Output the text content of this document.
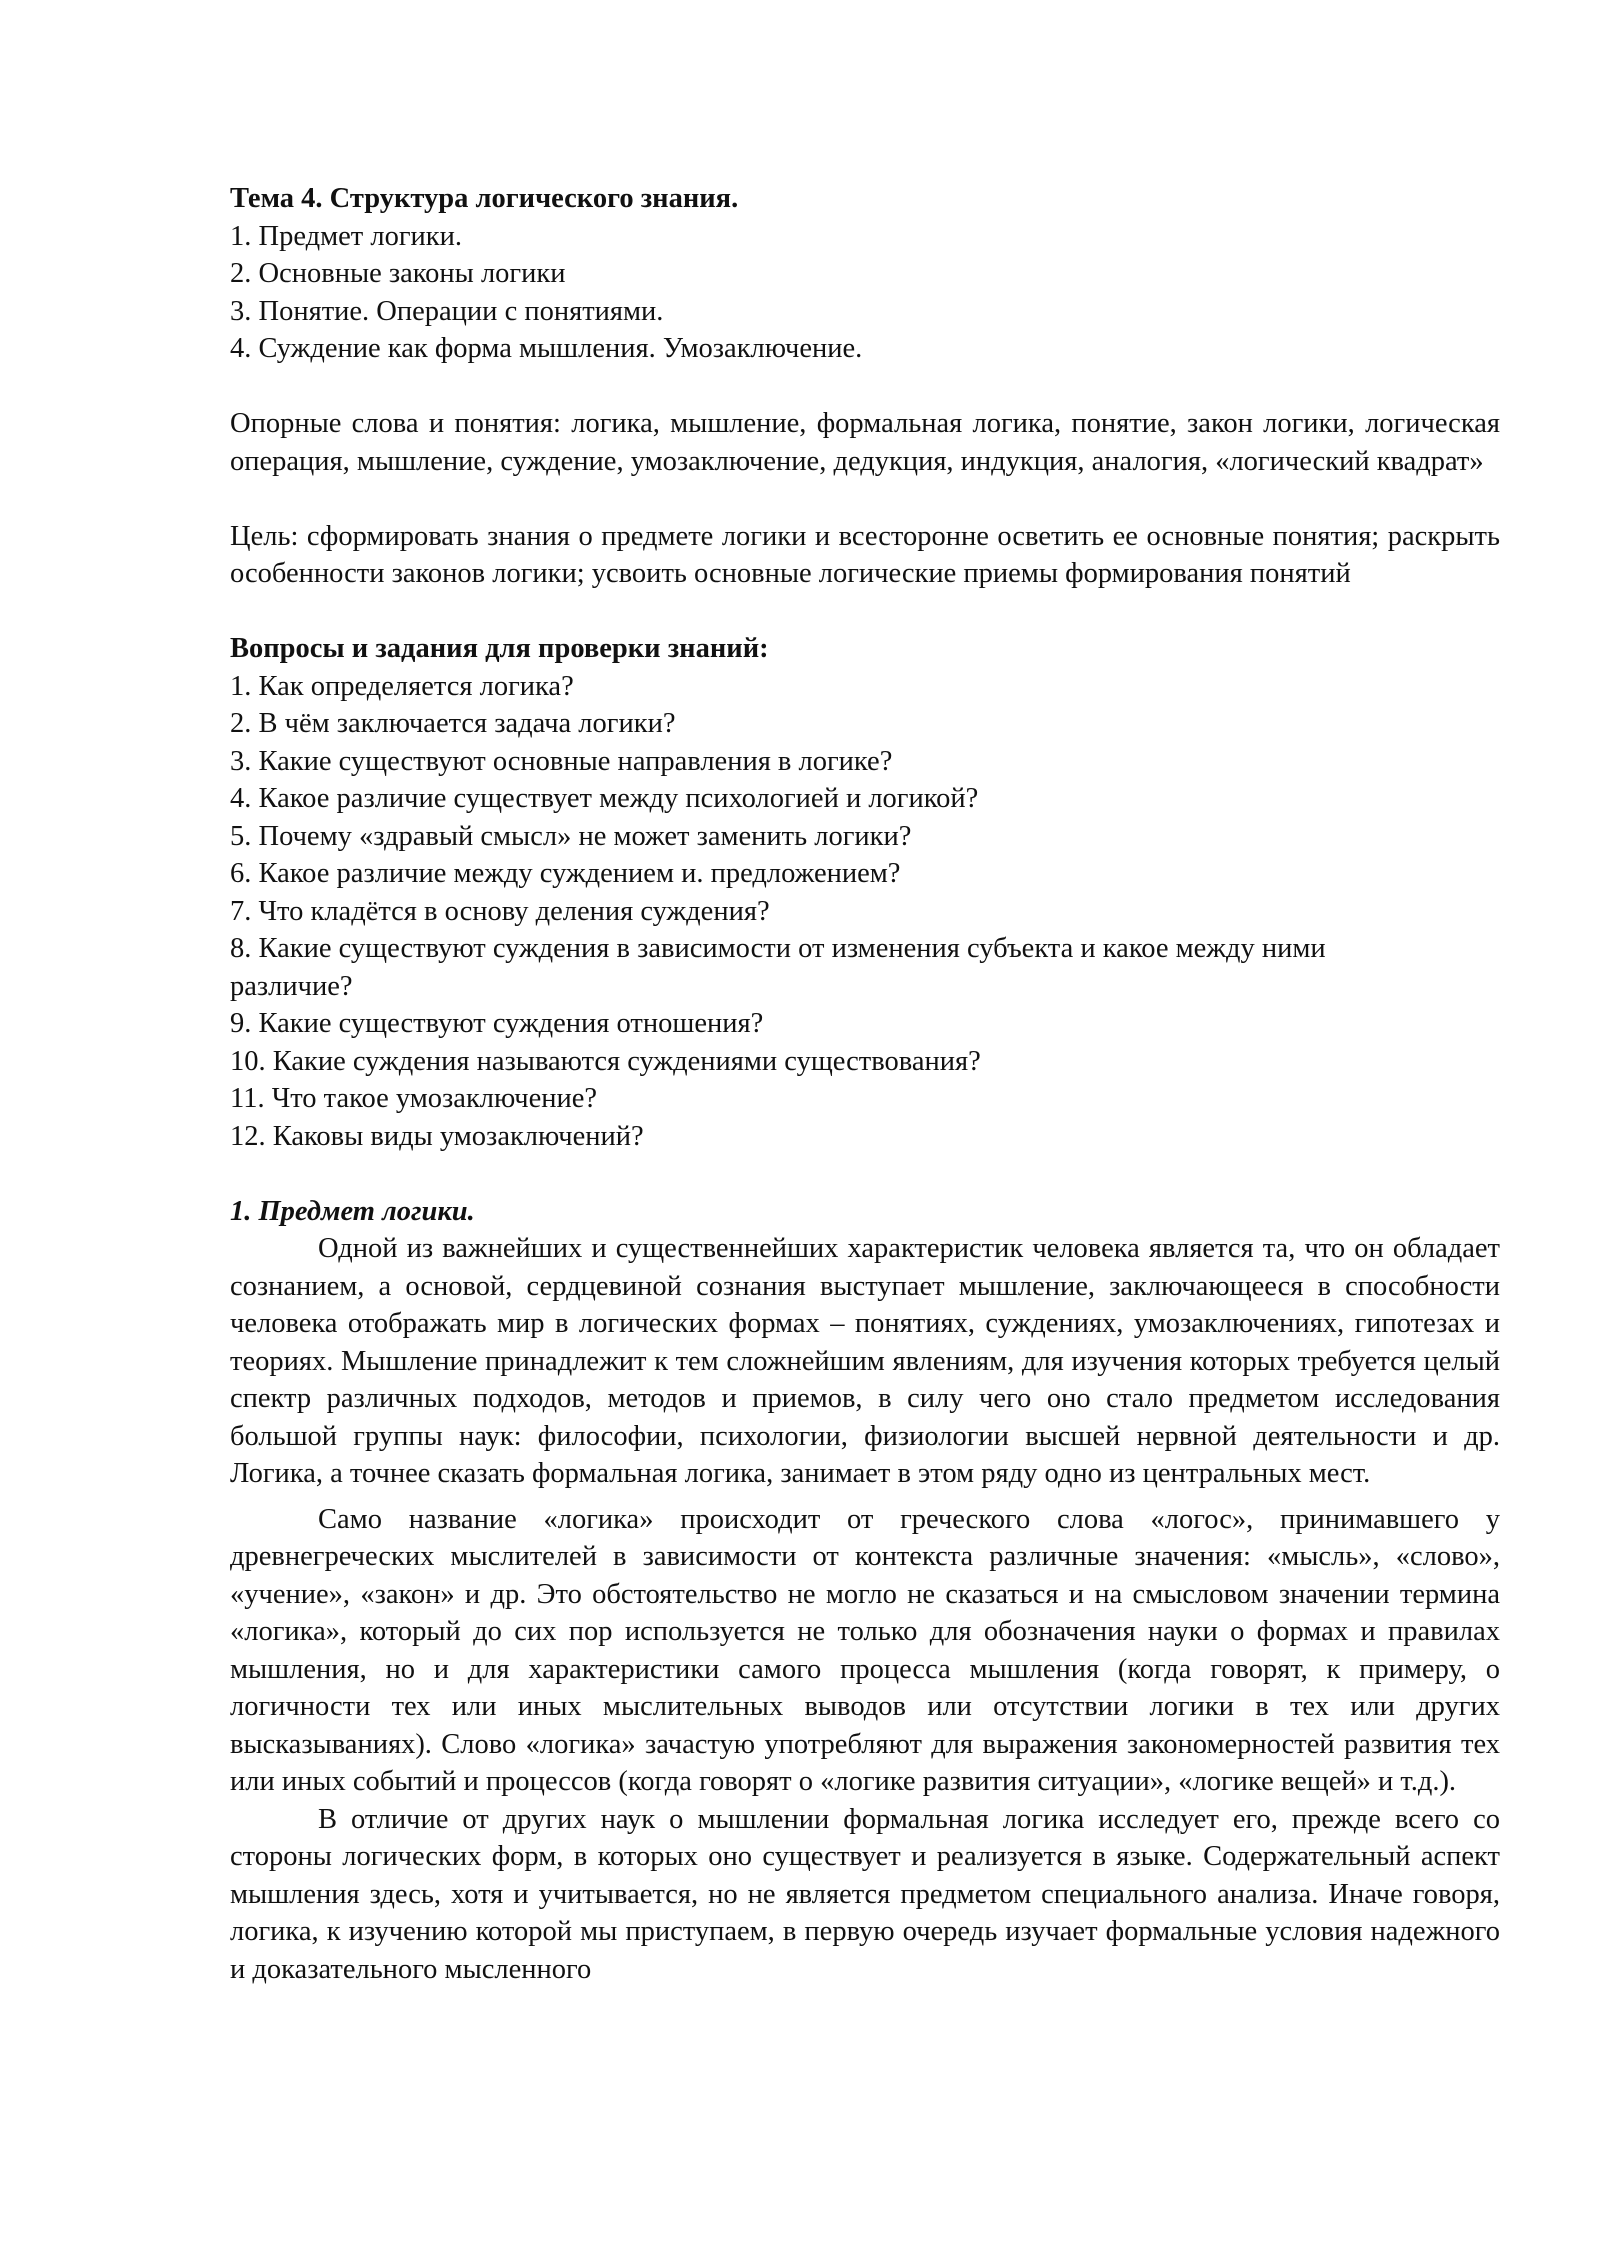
Тема 4. Структура логического знания.

1. Предмет логики.

2. Основные законы логики

3. Понятие. Операции с понятиями.

4. Суждение как форма мышления. Умозаключение.

Опорные слова и понятия: логика, мышление, формальная логика, понятие, закон логики, логическая операция, мышление, суждение, умозаключение, дедукция, индукция, аналогия, «логический квадрат»

Цель: сформировать знания о предмете логики и всесторонне осветить ее основные понятия; раскрыть особенности законов логики; усвоить основные логические приемы формирования понятий

Вопросы и задания для проверки знаний:

1. Как определяется логика?

2. В чём заключается задача логики?

3. Какие существуют основные направления в логике?

4. Какое различие существует между психологией и логикой?

5. Почему «здравый смысл» не может заменить логики?

6. Какое различие между суждением и. предложением?

7. Что кладётся в основу деления суждения?

8. Какие существуют суждения в зависимости от изменения субъекта и какое между ними

различие?

9. Какие существуют суждения отношения?

10. Какие суждения называются суждениями существования?

11. Что такое умозаключение?

12. Каковы виды умозаключений?

1. Предмет логики.

Одной из важнейших и существеннейших характеристик человека является та, что он обладает сознанием, а основой, сердцевиной сознания выступает мышление, заключающееся в способности человека отображать мир в логических формах – понятиях, суждениях, умозаключениях, гипотезах и теориях. Мышление принадлежит к тем сложнейшим явлениям, для изучения которых требуется целый спектр различных подходов, методов и приемов, в силу чего оно стало предметом исследования большой группы наук: философии, психологии, физиологии высшей нервной деятельности и др. Логика, а точнее сказать формальная логика, занимает в этом ряду одно из центральных мест.

Само название «логика» происходит от греческого слова «логос», принимавшего у древнегреческих мыслителей в зависимости от контекста различные значения: «мысль», «слово», «учение», «закон» и др. Это обстоятельство не могло не сказаться и на смысловом значении термина «логика», который до сих пор используется не только для обозначения науки о формах и правилах мышления, но и для характеристики самого процесса мышления (когда говорят, к примеру, о логичности тех или иных мыслительных выводов или отсутствии логики в тех или других высказываниях). Слово «логика» зачастую употребляют для выражения закономерностей развития тех или иных событий и процессов (когда говорят о «логике развития ситуации», «логике вещей» и т.д.).

В отличие от других наук о мышлении формальная логика исследует его, прежде всего со стороны логических форм, в которых оно существует и реализуется в языке. Содержательный аспект мышления здесь, хотя и учитывается, но не является предметом специального анализа. Иначе говоря, логика, к изучению которой мы приступаем, в первую очередь изучает формальные условия надежного и доказательного мысленного
